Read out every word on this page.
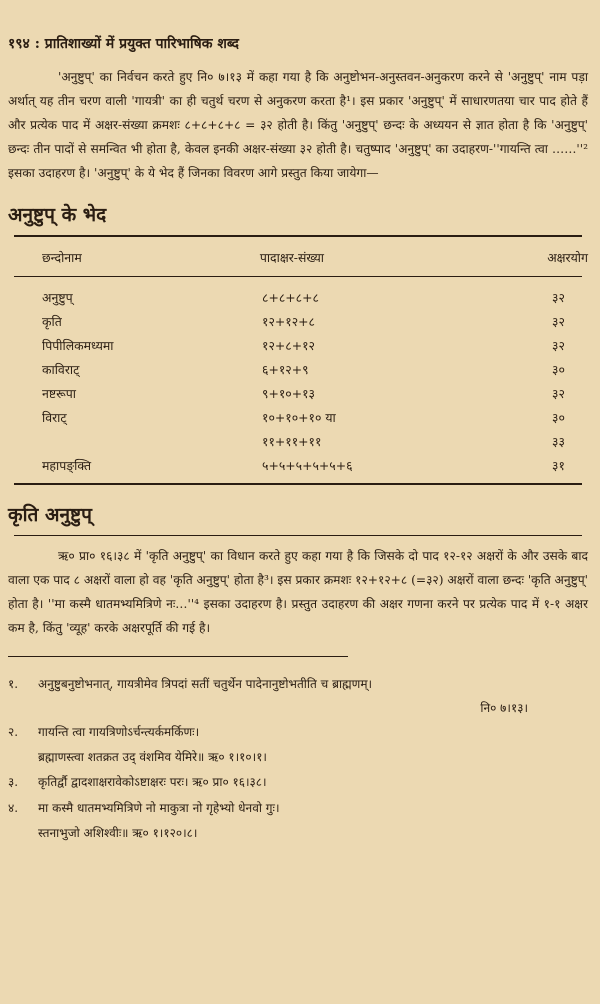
१९४ : प्रातिशाख्यों में प्रयुक्त पारिभाषिक शब्द

'अनुष्टुप्' का निर्वचन करते हुए नि० ७।१३ में कहा गया है कि अनुष्टोभन-अनुस्तवन-अनुकरण करने से 'अनुष्टुप्' नाम पड़ा अर्थात् यह तीन चरण वाली 'गायत्री' का ही चतुर्थ चरण से अनुकरण करता है¹। इस प्रकार 'अनुष्टुप्' में साधारणतया चार पाद होते हैं और प्रत्येक पाद में अक्षर-संख्या क्रमशः ८+८+८+८ = ३२ होती है। किंतु 'अनुष्टुप्' छन्दः के अध्ययन से ज्ञात होता है कि 'अनुष्टुप्' छन्दः तीन पादों से समन्वित भी होता है, केवल इनकी अक्षर-संख्या ३२ होती है। चतुष्पाद 'अनुष्टुप्' का उदाहरण-''गायन्ति त्वा ……''² इसका उदाहरण है। 'अनुष्टुप्' के ये भेद हैं जिनका विवरण आगे प्रस्तुत किया जायेगा—

अनुष्टुप् के भेद
छन्दोनाम	पादाक्षर-संख्या	अक्षरयोग
अनुष्टुप्	८+८+८+८	३२
कृति	१२+१२+८	३२
पिपीलिकमध्यमा	१२+८+१२	३२
काविराट्	६+१२+९	३०
नष्टरूपा	९+१०+१३	३२
विराट्	१०+१०+१० या	३०
	११+११+११	३३
महापङ्क्ति	५+५+५+५+५+६	३१
कृति अनुष्टुप्

ऋ० प्रा० १६।३८ में 'कृति अनुष्टुप्' का विधान करते हुए कहा गया है कि जिसके दो पाद १२-१२ अक्षरों के और उसके बाद वाला एक पाद ८ अक्षरों वाला हो वह 'कृति अनुष्टुप्' होता है³। इस प्रकार क्रमशः १२+१२+८ (=३२) अक्षरों वाला छन्दः 'कृति अनुष्टुप्' होता है। ''मा कस्मै धातमभ्यमित्रिणे नः…''⁴ इसका उदाहरण है। प्रस्तुत उदाहरण की अक्षर गणना करने पर प्रत्येक पाद में १-१ अक्षर कम है, किंतु 'व्यूह' करके अक्षरपूर्ति की गई है।

१.	अनुष्टुबनुष्टोभनात्, गायत्रीमेव त्रिपदां सतीं चतुर्थेन पादेनानुष्टोभतीति च ब्राह्मणम्।
नि० ७।१३।
२.	गायन्ति त्वा गायत्रिणोऽर्चन्त्यर्कमर्किणः।
ब्रह्माणस्त्वा शतक्रत उद् वंशमिव येमिरे॥ ऋ० १।१०।१।
३.	कृतिर्द्वौ द्वादशाक्षरावेकोऽष्टाक्षरः परः। ऋ० प्रा० १६।३८।
४.	मा कस्मै धातमभ्यमित्रिणे नो माकुत्रा नो गृहेभ्यो धेनवो गुः।
स्तनाभुजो अशिश्वीः॥ ऋ० १।१२०।८।
